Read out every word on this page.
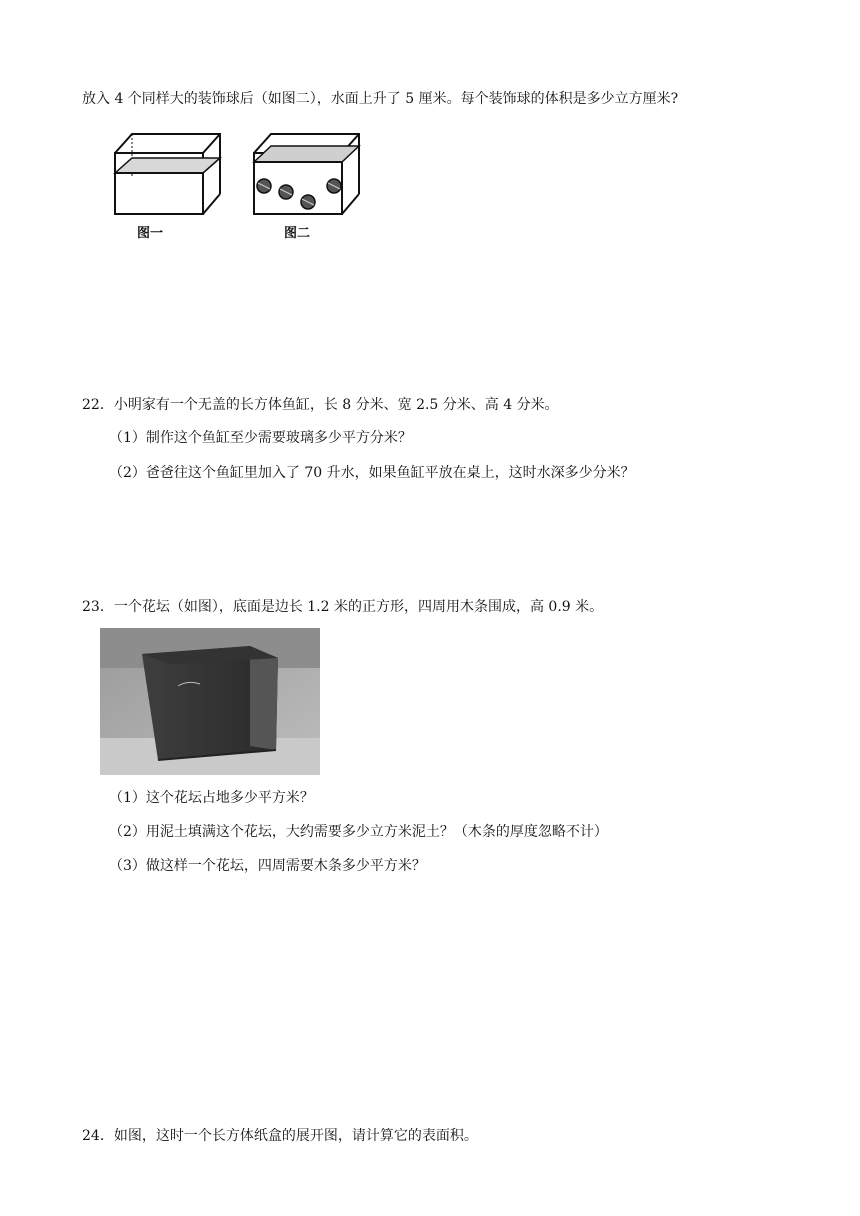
放入 4 个同样大的装饰球后（如图二），水面上升了 5 厘米。每个装饰球的体积是多少立方厘米?
图一	图二
22．小明家有一个无盖的长方体鱼缸，长 8 分米、宽 2.5 分米、高 4 分米。
（1）制作这个鱼缸至少需要玻璃多少平方分米？
（2）爸爸往这个鱼缸里加入了 70 升水，如果鱼缸平放在桌上，这时水深多少分米？
23．一个花坛（如图），底面是边长 1.2 米的正方形，四周用木条围成，高 0.9 米。
（1）这个花坛占地多少平方米？
（2）用泥土填满这个花坛，大约需要多少立方米泥土？（木条的厚度忽略不计）
（3）做这样一个花坛，四周需要木条多少平方米？
24．如图，这时一个长方体纸盒的展开图，请计算它的表面积。
